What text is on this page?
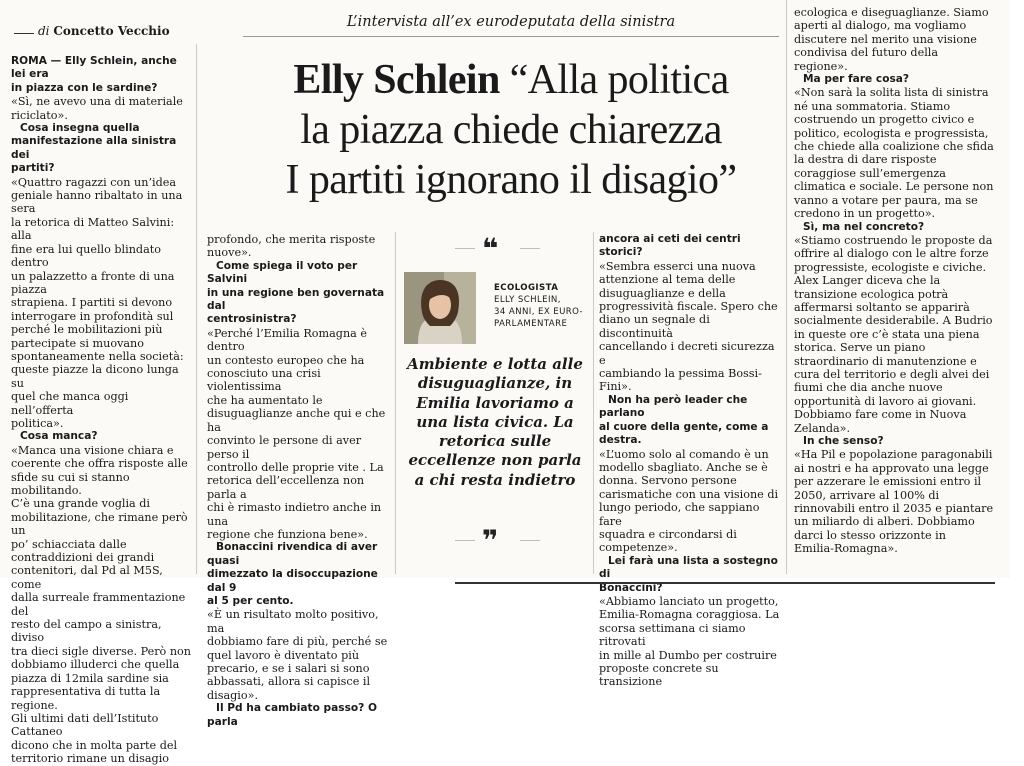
di Concetto Vecchio
L’intervista all’ex eurodeputata della sinistra
Elly Schlein “Alla politica
la piazza chiede chiarezza
I partiti ignorano il disagio”

ROMA — Elly Schlein, anche lei era
in piazza con le sardine?

«Sì, ne avevo una di materiale
riciclato».

Cosa insegna quella
manifestazione alla sinistra dei
partiti?

«Quattro ragazzi con un’idea
geniale hanno ribaltato in una sera
la retorica di Matteo Salvini: alla
fine era lui quello blindato dentro
un palazzetto a fronte di una piazza
strapiena. I partiti si devono
interrogare in profondità sul
perché le mobilitazioni più
partecipate si muovano
spontaneamente nella società:
queste piazze la dicono lunga su
quel che manca oggi nell’offerta
politica».

Cosa manca?

«Manca una visione chiara e
coerente che offra risposte alle
sfide su cui si stanno mobilitando.
C’è una grande voglia di
mobilitazione, che rimane però un
po’ schiacciata dalle
contraddizioni dei grandi
contenitori, dal Pd al M5S, come
dalla surreale frammentazione del
resto del campo a sinistra, diviso
tra dieci sigle diverse. Però non
dobbiamo illuderci che quella
piazza di 12mila sardine sia
rappresentativa di tutta la regione.
Gli ultimi dati dell’Istituto Cattaneo
dicono che in molta parte del
territorio rimane un disagio

profondo, che merita risposte
nuove».

Come spiega il voto per Salvini
in una regione ben governata dal
centrosinistra?

«Perché l’Emilia Romagna è dentro
un contesto europeo che ha
conosciuto una crisi violentissima
che ha aumentato le
disuguaglianze anche qui e che ha
convinto le persone di aver perso il
controllo delle proprie vite . La
retorica dell’eccellenza non parla a
chi è rimasto indietro anche in una
regione che funziona bene».

Bonaccini rivendica di aver quasi
dimezzato la disoccupazione dal 9
al 5 per cento.

«È un risultato molto positivo, ma
dobbiamo fare di più, perché se
quel lavoro è diventato più
precario, e se i salari si sono
abbassati, allora si capisce il
disagio».

Il Pd ha cambiato passo? O parla

ancora ai ceti dei centri storici?

«Sembra esserci una nuova
attenzione al tema delle
disuguaglianze e della
progressività fiscale. Spero che
diano un segnale di discontinuità
cancellando i decreti sicurezza e
cambiando la pessima Bossi-Fini».

Non ha però leader che parlano
al cuore della gente, come a
destra.

«L’uomo solo al comando è un
modello sbagliato. Anche se è
donna. Servono persone
carismatiche con una visione di
lungo periodo, che sappiano fare
squadra e circondarsi di
competenze».

Lei farà una lista a sostegno di
Bonaccini?

«Abbiamo lanciato un progetto,
Emilia-Romagna coraggiosa. La
scorsa settimana ci siamo ritrovati
in mille al Dumbo per costruire
proposte concrete su transizione

ecologica e diseguaglianze. Siamo
aperti al dialogo, ma vogliamo
discutere nel merito una visione
condivisa del futuro della
regione».

Ma per fare cosa?

«Non sarà la solita lista di sinistra
né una sommatoria. Stiamo
costruendo un progetto civico e
politico, ecologista e progressista,
che chiede alla coalizione che sfida
la destra di dare risposte
coraggiose sull’emergenza
climatica e sociale. Le persone non
vanno a votare per paura, ma se
credono in un progetto».

Sì, ma nel concreto?

«Stiamo costruendo le proposte da
offrire al dialogo con le altre forze
progressiste, ecologiste e civiche.
Alex Langer diceva che la
transizione ecologica potrà
affermarsi soltanto se apparirà
socialmente desiderabile. A Budrio
in queste ore c’è stata una piena
storica. Serve un piano
straordinario di manutenzione e
cura del territorio e degli alvei dei
fiumi che dia anche nuove
opportunità di lavoro ai giovani.
Dobbiamo fare come in Nuova
Zelanda».

In che senso?

«Ha Pil e popolazione paragonabili
ai nostri e ha approvato una legge
per azzerare le emissioni entro il
2050, arrivare al 100% di
rinnovabili entro il 2035 e piantare
un miliardo di alberi. Dobbiamo
darci lo stesso orizzonte in
Emilia-Romagna».

❝
ECOLOGISTA
ELLY SCHLEIN,
34 ANNI, EX EURO-
PARLAMENTARE
Ambiente e lotta alle
disuguaglianze, in
Emilia lavoriamo a
una lista civica. La
retorica sulle
eccellenze non parla
a chi resta indietro
❞
